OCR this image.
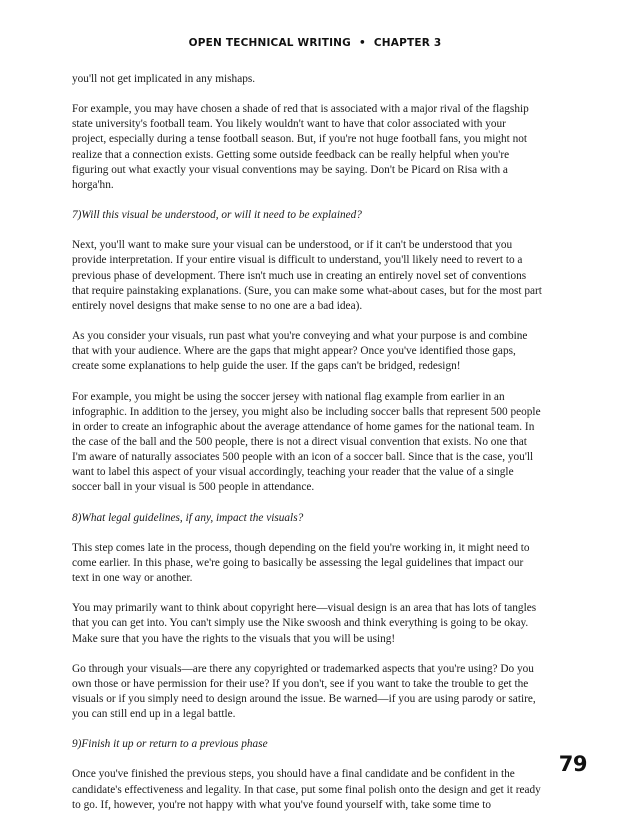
OPEN TECHNICAL WRITING • CHAPTER 3

you'll not get implicated in any mishaps.

For example, you may have chosen a shade of red that is associated with a major rival of the flagship state university's football team. You likely wouldn't want to have that color associated with your project, especially during a tense football season. But, if you're not huge football fans, you might not realize that a connection exists. Getting some outside feedback can be really helpful when you're figuring out what exactly your visual conventions may be saying. Don't be Picard on Risa with a horga'hn.

7)Will this visual be understood, or will it need to be explained?

Next, you'll want to make sure your visual can be understood, or if it can't be understood that you provide interpretation. If your entire visual is difficult to understand, you'll likely need to revert to a previous phase of development. There isn't much use in creating an entirely novel set of conventions that require painstaking explanations. (Sure, you can make some what-about cases, but for the most part entirely novel designs that make sense to no one are a bad idea).

As you consider your visuals, run past what you're conveying and what your purpose is and combine that with your audience. Where are the gaps that might appear? Once you've identified those gaps, create some explanations to help guide the user. If the gaps can't be bridged, redesign!

For example, you might be using the soccer jersey with national flag example from earlier in an infographic. In addition to the jersey, you might also be including soccer balls that represent 500 people in order to create an infographic about the average attendance of home games for the national team. In the case of the ball and the 500 people, there is not a direct visual convention that exists. No one that I'm aware of naturally associates 500 people with an icon of a soccer ball. Since that is the case, you'll want to label this aspect of your visual accordingly, teaching your reader that the value of a single soccer ball in your visual is 500 people in attendance.

8)What legal guidelines, if any, impact the visuals?

This step comes late in the process, though depending on the field you're working in, it might need to come earlier. In this phase, we're going to basically be assessing the legal guidelines that impact our text in one way or another.

You may primarily want to think about copyright here—visual design is an area that has lots of tangles that you can get into. You can't simply use the Nike swoosh and think everything is going to be okay. Make sure that you have the rights to the visuals that you will be using!

Go through your visuals—are there any copyrighted or trademarked aspects that you're using? Do you own those or have permission for their use? If you don't, see if you want to take the trouble to get the visuals or if you simply need to design around the issue. Be warned—if you are using parody or satire, you can still end up in a legal battle.

9)Finish it up or return to a previous phase

Once you've finished the previous steps, you should have a final candidate and be confident in the candidate's effectiveness and legality. In that case, put some final polish onto the design and get it ready to go. If, however, you're not happy with what you've found yourself with, take some time to

79
